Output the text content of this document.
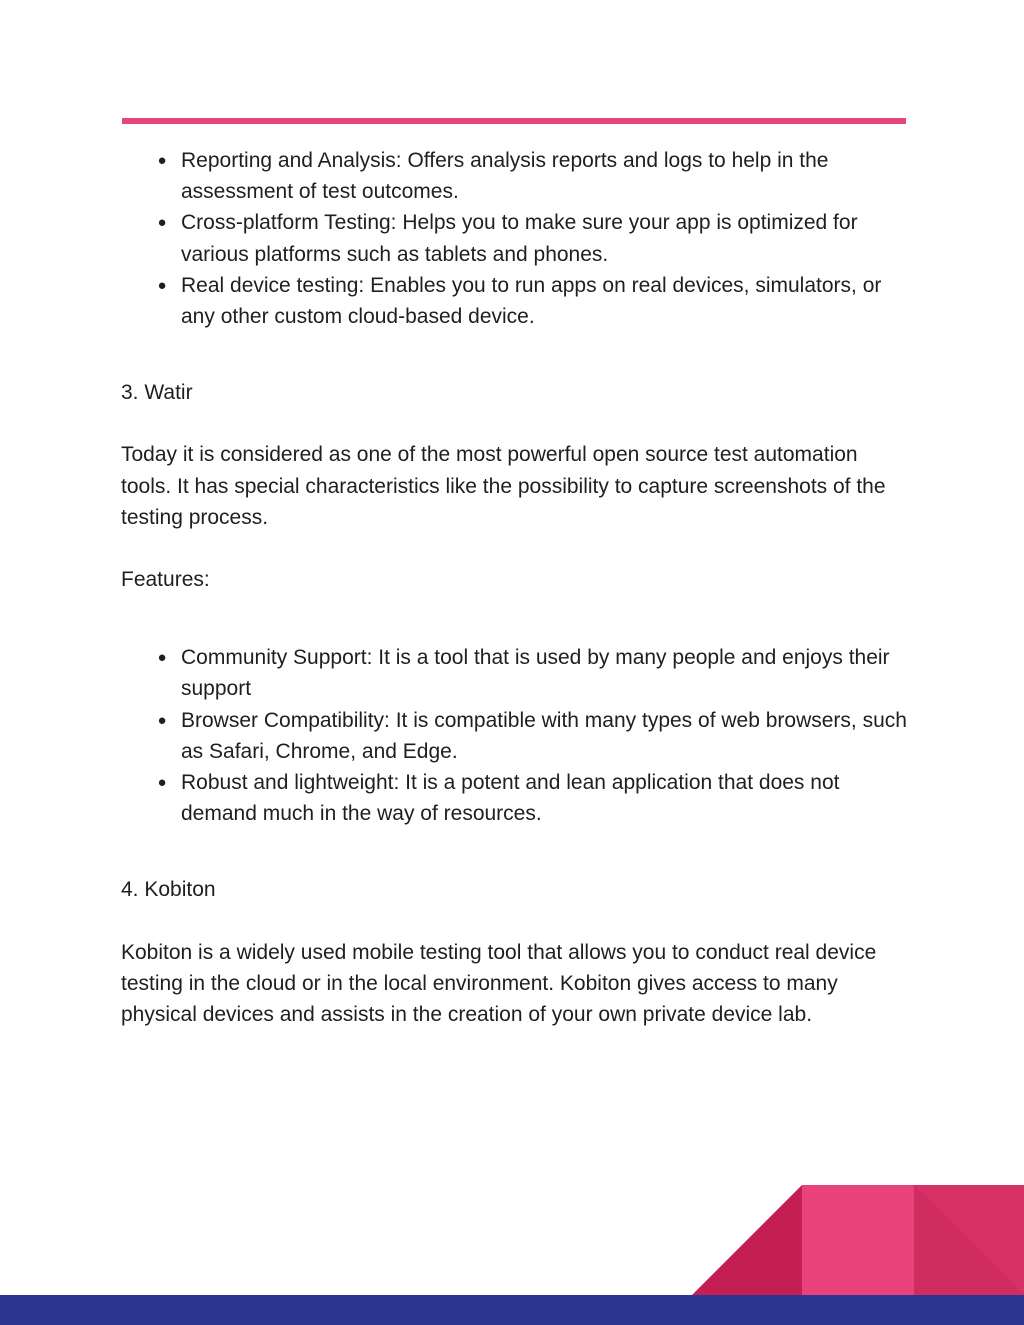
● Reporting and Analysis: Offers analysis reports and logs to help in the assessment of test outcomes.
● Cross-platform Testing: Helps you to make sure your app is optimized for various platforms such as tablets and phones.
● Real device testing: Enables you to run apps on real devices, simulators, or any other custom cloud-based device.

3. Watir

Today it is considered as one of the most powerful open source test automation tools. It has special characteristics like the possibility to capture screenshots of the testing process.

Features:

● Community Support: It is a tool that is used by many people and enjoys their support
● Browser Compatibility: It is compatible with many types of web browsers, such as Safari, Chrome, and Edge.
● Robust and lightweight: It is a potent and lean application that does not demand much in the way of resources.

4. Kobiton

Kobiton is a widely used mobile testing tool that allows you to conduct real device testing in the cloud or in the local environment. Kobiton gives access to many physical devices and assists in the creation of your own private device lab.
